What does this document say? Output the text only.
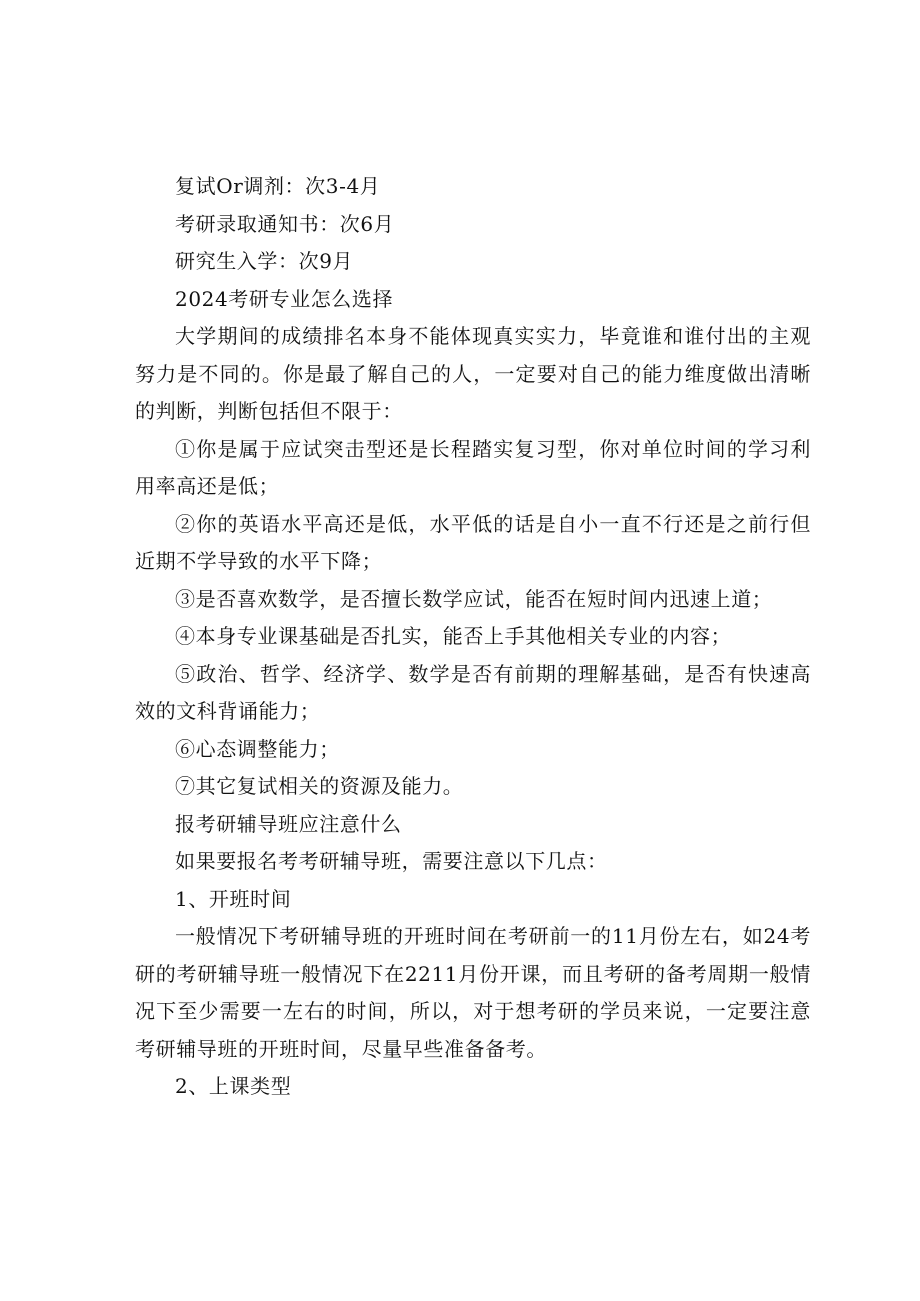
复试Or调剂：次3-4月

考研录取通知书：次6月

研究生入学：次9月

2024考研专业怎么选择

大学期间的成绩排名本身不能体现真实实力，毕竟谁和谁付出的主观努力是不同的。你是最了解自己的人，一定要对自己的能力维度做出清晰的判断，判断包括但不限于：

①你是属于应试突击型还是长程踏实复习型，你对单位时间的学习利用率高还是低；

②你的英语水平高还是低，水平低的话是自小一直不行还是之前行但近期不学导致的水平下降；

③是否喜欢数学，是否擅长数学应试，能否在短时间内迅速上道；

④本身专业课基础是否扎实，能否上手其他相关专业的内容；

⑤政治、哲学、经济学、数学是否有前期的理解基础，是否有快速高效的文科背诵能力；

⑥心态调整能力；

⑦其它复试相关的资源及能力。

报考研辅导班应注意什么

如果要报名考考研辅导班，需要注意以下几点：

1、开班时间

一般情况下考研辅导班的开班时间在考研前一的11月份左右，如24考研的考研辅导班一般情况下在2211月份开课，而且考研的备考周期一般情况下至少需要一左右的时间，所以，对于想考研的学员来说，一定要注意考研辅导班的开班时间，尽量早些准备备考。

2、上课类型
